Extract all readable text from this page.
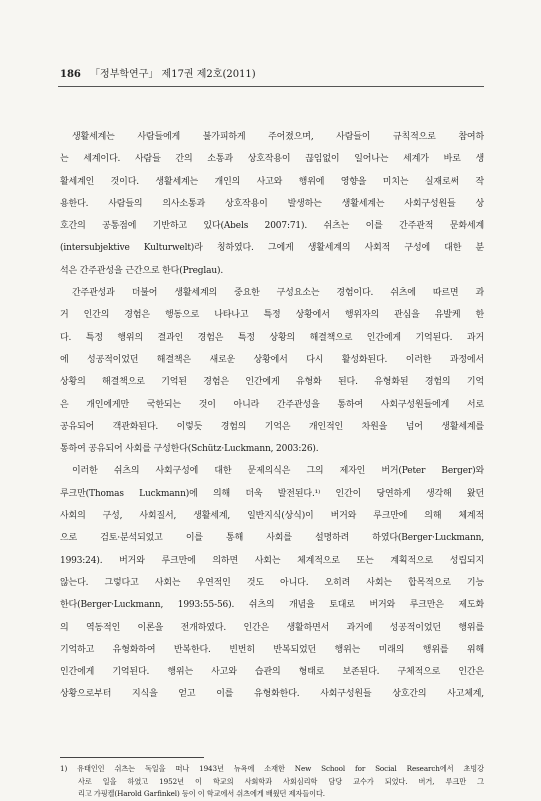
186 「정부학연구」 제17권 제2호(2011)
생활세계는 사람들에게 불가피하게 주어졌으며, 사람들이 규칙적으로 참여하
는 세계이다. 사람들 간의 소통과 상호작용이 끊임없이 일어나는 세계가 바로 생
활세계인 것이다. 생활세계는 개인의 사고와 행위에 영향을 미치는 실재로써 작
용한다. 사람들의 의사소통과 상호작용이 발생하는 생활세계는 사회구성원들 상
호간의 공통점에 기반하고 있다(Abels 2007:71). 쉬츠는 이를 간주관적 문화세계
(intersubjektive Kulturwelt)라 칭하였다. 그에게 생활세계의 사회적 구성에 대한 분
석은 간주관성을 근간으로 한다(Preglau).
간주관성과 더불어 생활세계의 중요한 구성요소는 경험이다. 쉬츠에 따르면 과
거 인간의 경험은 행동으로 나타나고 특정 상황에서 행위자의 관심을 유발케 한
다. 특정 행위의 결과인 경험은 특정 상황의 해결책으로 인간에게 기억된다. 과거
에 성공적이었던 해결책은 새로운 상황에서 다시 활성화된다. 이러한 과정에서
상황의 해결책으로 기억된 경험은 인간에게 유형화 된다. 유형화된 경험의 기억
은 개인에게만 국한되는 것이 아니라 간주관성을 통하여 사회구성원들에게 서로
공유되어 객관화된다. 이렇듯 경험의 기억은 개인적인 차원을 넘어 생활세계를
통하여 공유되어 사회를 구성한다(Schütz·Luckmann, 2003:26).
이러한 쉬츠의 사회구성에 대한 문제의식은 그의 제자인 버거(Peter Berger)와
루크만(Thomas Luckmann)에 의해 더욱 발전된다.¹⁾ 인간이 당연하게 생각해 왔던
사회의 구성, 사회질서, 생활세계, 일반지식(상식)이 버거와 루크만에 의해 체계적
으로 검토·분석되었고 이를 통해 사회를 설명하려 하였다(Berger·Luckmann,
1993:24). 버거와 루크만에 의하면 사회는 체계적으로 또는 계획적으로 성립되지
않는다. 그렇다고 사회는 우연적인 것도 아니다. 오히려 사회는 합목적으로 기능
한다(Berger·Luckmann, 1993:55-56). 쉬츠의 개념을 토대로 버거와 루크만은 제도화
의 역동적인 이론을 전개하였다. 인간은 생활하면서 과거에 성공적이었던 행위를
기억하고 유형화하여 반복한다. 빈번히 반복되었던 행위는 미래의 행위를 위해
인간에게 기억된다. 행위는 사고와 습관의 형태로 보존된다. 구체적으로 인간은
상황으로부터 지식을 얻고 이를 유형화한다. 사회구성원들 상호간의 사고체계,
1) 유태인인 쉬츠는 독일을 떠나 1943년 뉴욕에 소재한 New School for Social Research에서 초빙강
사로 일을 하였고 1952년 이 학교의 사회학과 사회심리학 담당 교수가 되었다. 버거, 루크만 그
리고 가핑켈(Harold Garfinkel) 등이 이 학교에서 쉬츠에게 배웠던 제자들이다.
